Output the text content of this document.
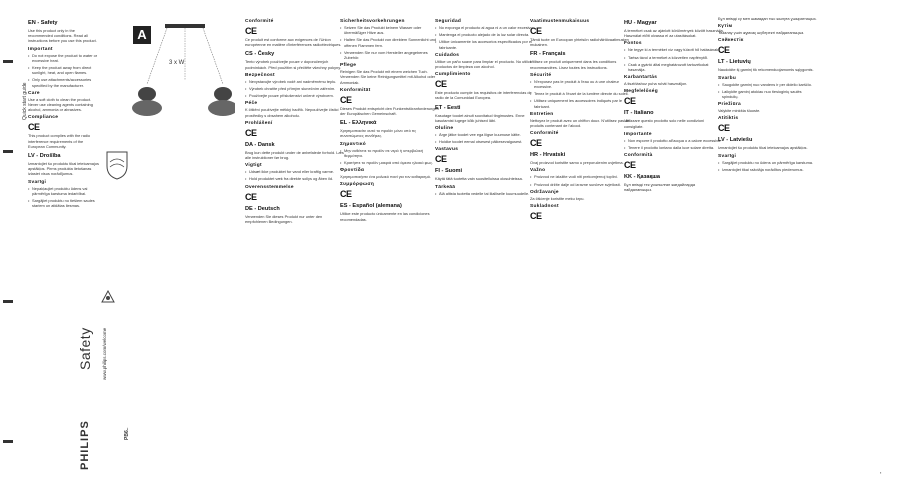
Quick start guide
EN - Safety

Use this product only in the recommended conditions. Read all instructions before you use this product.

Important
• Do not expose the product to water or excessive heat.
• Keep the product away from direct sunlight, heat, and open flames.
• Only use attachments/accessories specified by the manufacturer.
Care

Use a soft cloth to clean the product. Never use cleaning agents containing alcohol, ammonia or abrasives.

Compliance
CE

This product complies with the radio interference requirements of the European Community.

LV - Drošība

Izmantojiet šo produktu tikai ieteicamajos apstākļos. Pirms produkta lietošanas izlasiet visus norādījumus.

Svarīgi
• Nepakļaujiet produktu ūdens vai pārmērīga karstuma iedarbībai.
• Sargājiet produktu no tiešiem saules stariem un atklātas liesmas.
Conformité
CE

Ce produit est conforme aux exigences de l'Union européenne en matière d'interférences radioélectriques.

CS - Česky

Tento výrobek používejte pouze v doporučených podmínkách. Před použitím si přečtěte všechny pokyny.

Bezpečnost
• Nevystavujte výrobek vodě ani nadměrnému teplu.
• Výrobek chraňte před přímým slunečním zářením.
• Používejte pouze příslušenství určené výrobcem.
Péče

K čištění používejte měkký hadřík. Nepoužívejte čisticí prostředky s obsahem alkoholu.

Prohlášení
CE
DA - Dansk

Brug kun dette produkt under de anbefalede forhold. Læs alle instruktioner før brug.

Vigtigt
• Udsæt ikke produktet for vand eller kraftig varme.
• Hold produktet væk fra direkte sollys og åben ild.
Overensstemmelse
CE
DE - Deutsch

Verwenden Sie dieses Produkt nur unter den empfohlenen Bedingungen.

Sicherheitsvorkehrungen
• Setzen Sie das Produkt keinem Wasser oder übermäßiger Hitze aus.
• Halten Sie das Produkt von direktem Sonnenlicht und offenen Flammen fern.
• Verwenden Sie nur vom Hersteller angegebenes Zubehör.
Pflege

Reinigen Sie das Produkt mit einem weichen Tuch. Verwenden Sie keine Reinigungsmittel mit Alkohol oder Ammoniak.

Konformität
CE

Dieses Produkt entspricht den Funkentstöranforderungen der Europäischen Gemeinschaft.

EL - Ελληνικά

Χρησιμοποιείτε αυτό το προϊόν μόνο υπό τις συνιστώμενες συνθήκες.

Σημαντικό
• Μην εκθέτετε το προϊόν σε νερό ή υπερβολική θερμότητα.
• Κρατήστε το προϊόν μακριά από άμεσο ηλιακό φως.
Φροντίδα

Χρησιμοποιήστε ένα μαλακό πανί για τον καθαρισμό.

Συμμόρφωση
CE
ES - Español (alemana)

Utilice este producto únicamente en las condiciones recomendadas.

Seguridad
• No exponga el producto al agua ni a un calor excesivo.
• Mantenga el producto alejado de la luz solar directa.
• Utilice únicamente los accesorios especificados por el fabricante.
Cuidados

Utilice un paño suave para limpiar el producto. No utilice productos de limpieza con alcohol.

Cumplimiento
CE

Este producto cumple los requisitos de interferencias de radio de la Comunidad Europea.

ET - Eesti

Kasutage toodet ainult soovitatud tingimustes. Enne kasutamist lugege kõik juhised läbi.

Oluline
• Ärge jätke toodet vee ega liigse kuumuse kätte.
• Hoidke toodet eemal otsesest päikesevalgusest.
Vastavus
CE
FI - Suomi

Käytä tätä tuotetta vain suositelluissa olosuhteissa.

Tärkeää
• Älä altista tuotetta vedelle tai liialliselle kuumuudelle.
Vaatimustenmukaisuus
CE

Tämä tuote on Euroopan yhteisön radiohäiriövaatimusten mukainen.

FR - Français

Utilisez ce produit uniquement dans les conditions recommandées. Lisez toutes les instructions.

Sécurité
• N'exposez pas le produit à l'eau ou à une chaleur excessive.
• Tenez le produit à l'écart de la lumière directe du soleil.
• Utilisez uniquement les accessoires indiqués par le fabricant.
Entretien

Nettoyez le produit avec un chiffon doux. N'utilisez pas de produits contenant de l'alcool.

Conformité
CE
HR - Hrvatski

Ovaj proizvod koristite samo u preporučenim uvjetima.

Važno
• Proizvod ne izlažite vodi niti prekomjernoj toplini.
• Proizvod držite dalje od izravne sunčeve svjetlosti.
Održavanje

Za čišćenje koristite meku krpu.

Sukladnost
CE
HU - Magyar

A terméket csak az ajánlott körülmények között használja. Használat előtt olvassa el az utasításokat.

Fontos
• Ne tegye ki a terméket víz vagy túlzott hő hatásának.
• Tartsa távol a terméket a közvetlen napfénytől.
• Csak a gyártó által meghatározott tartozékokat használja.
Karbantartás

A tisztításhoz puha ruhát használjon.

Megfelelőség
CE
IT - Italiano

Utilizzare questo prodotto solo nelle condizioni consigliate.

Importante
• Non esporre il prodotto all'acqua o a calore eccessivo.
• Tenere il prodotto lontano dalla luce solare diretta.
Conformità
CE
KK - Қазақша

Бұл өнімді тек ұсынылған жағдайларда пайдаланыңыз.

Бұл өнімді су мен шамадан тыс жылуға ұшыратпаңыз.

Күтім

Тазалау үшін жұмсақ шүберекті пайдаланыңыз.

Сәйкестік
CE
LT - Lietuvių

Naudokite šį gaminį tik rekomenduojamomis sąlygomis.

Svarbu
• Saugokite gaminį nuo vandens ir per didelio karščio.
• Laikykite gaminį atokiau nuo tiesioginių saulės spindulių.
Priežiūra

Valykite minkšta šluoste.

Atitiktis
CE
LV - Latviešu

Izmantojiet šo produktu tikai ieteicamajos apstākļos.

Svarīgi
• Sargājiet produktu no ūdens un pārmērīga karstuma.
• Izmantojiet tikai ražotāja norādītos piederumus.
A
3 x W
PHILIPS
Safety	www.philips.com/welcome
PB6..
▪
